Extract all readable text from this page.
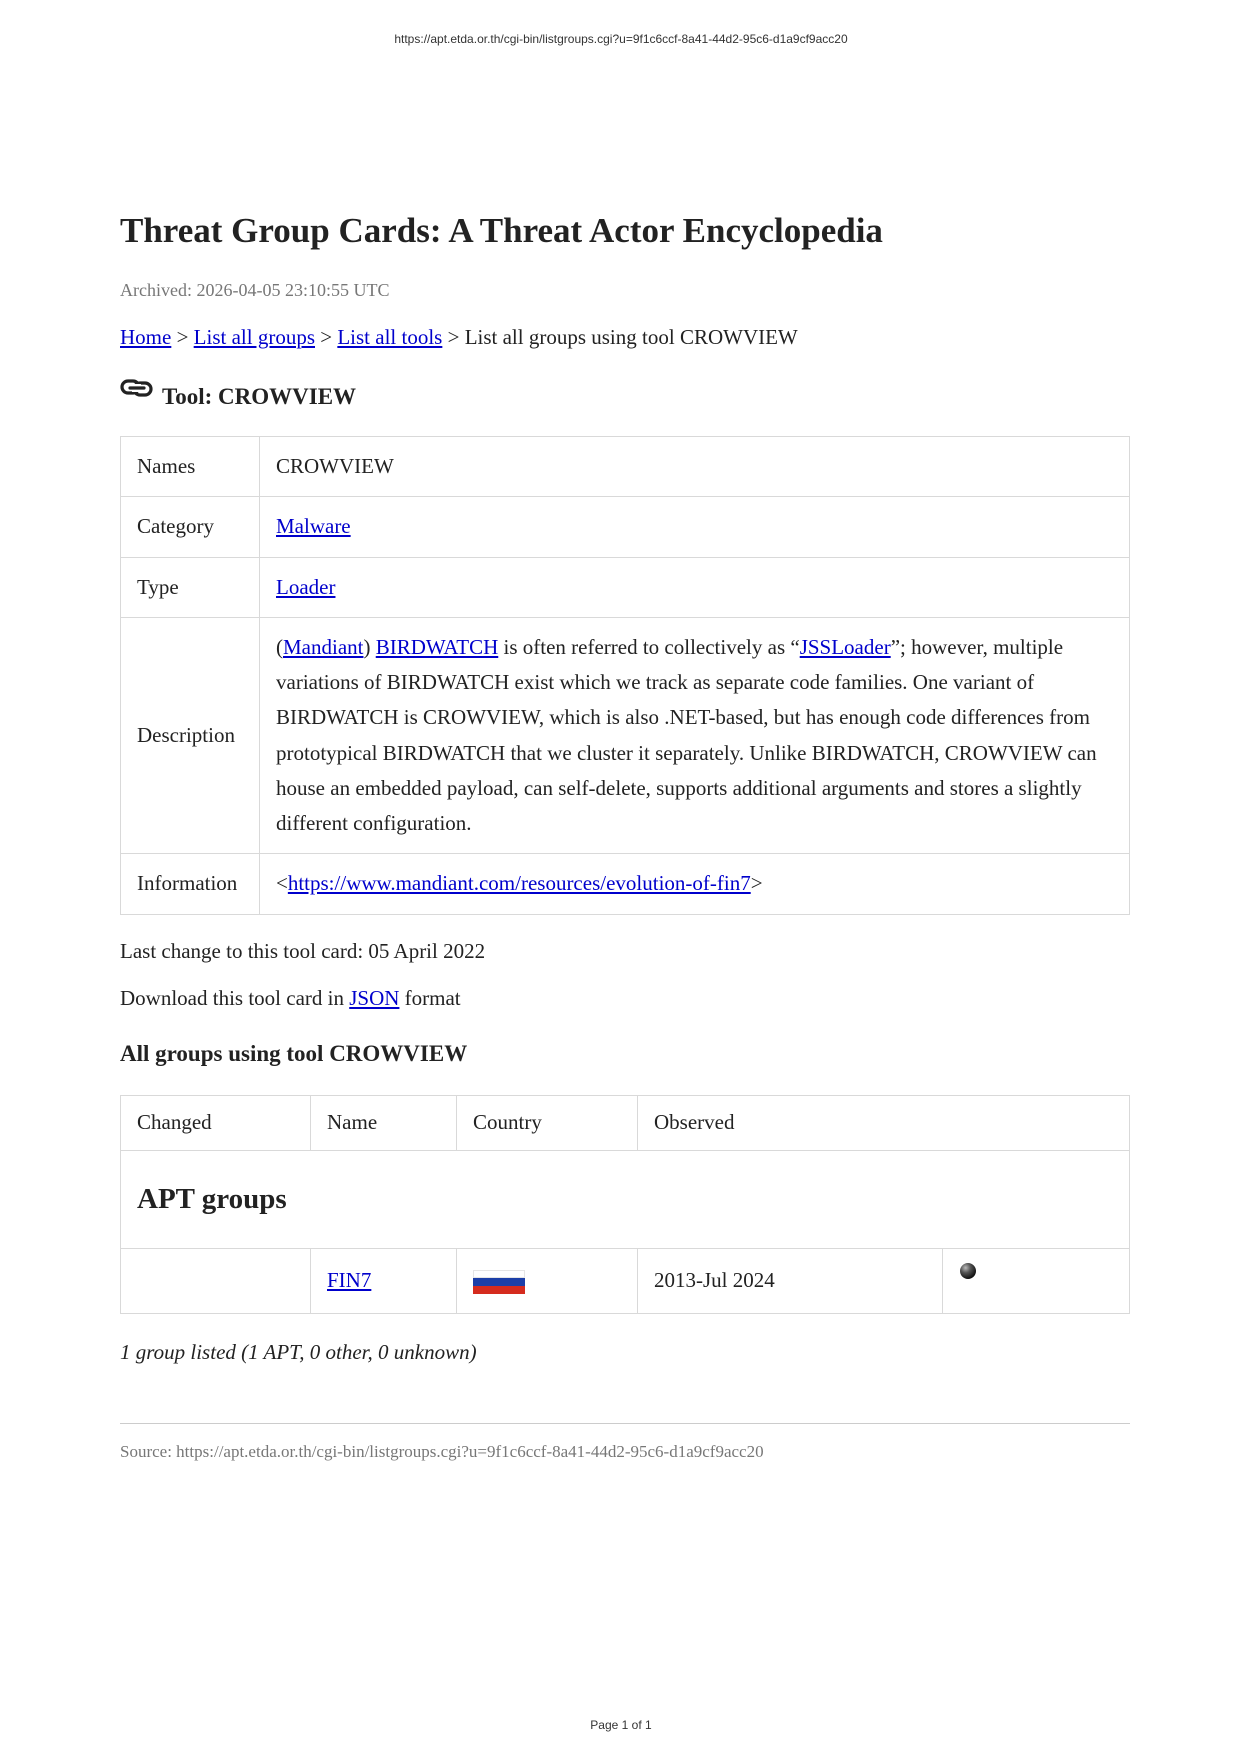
https://apt.etda.or.th/cgi-bin/listgroups.cgi?u=9f1c6ccf-8a41-44d2-95c6-d1a9cf9acc20
Threat Group Cards: A Threat Actor Encyclopedia
Archived: 2026-04-05 23:10:55 UTC
Home > List all groups > List all tools > List all groups using tool CROWVIEW
Tool: CROWVIEW
Names	CROWVIEW
Category	Malware
Type	Loader
Description	(Mandiant) BIRDWATCH is often referred to collectively as “JSSLoader”; however, multiple variations of BIRDWATCH exist which we track as separate code families. One variant of BIRDWATCH is CROWVIEW, which is also .NET-based, but has enough code differences from prototypical BIRDWATCH that we cluster it separately. Unlike BIRDWATCH, CROWVIEW can house an embedded payload, can self-delete, supports additional arguments and stores a slightly different configuration.
Information	<https://www.mandiant.com/resources/evolution-of-fin7>
Last change to this tool card: 05 April 2022
Download this tool card in JSON format
All groups using tool CROWVIEW
Changed	Name	Country	Observed	
APT groups				
	FIN7		2013-Jul 2024	
1 group listed (1 APT, 0 other, 0 unknown)
Source: https://apt.etda.or.th/cgi-bin/listgroups.cgi?u=9f1c6ccf-8a41-44d2-95c6-d1a9cf9acc20
Page 1 of 1
